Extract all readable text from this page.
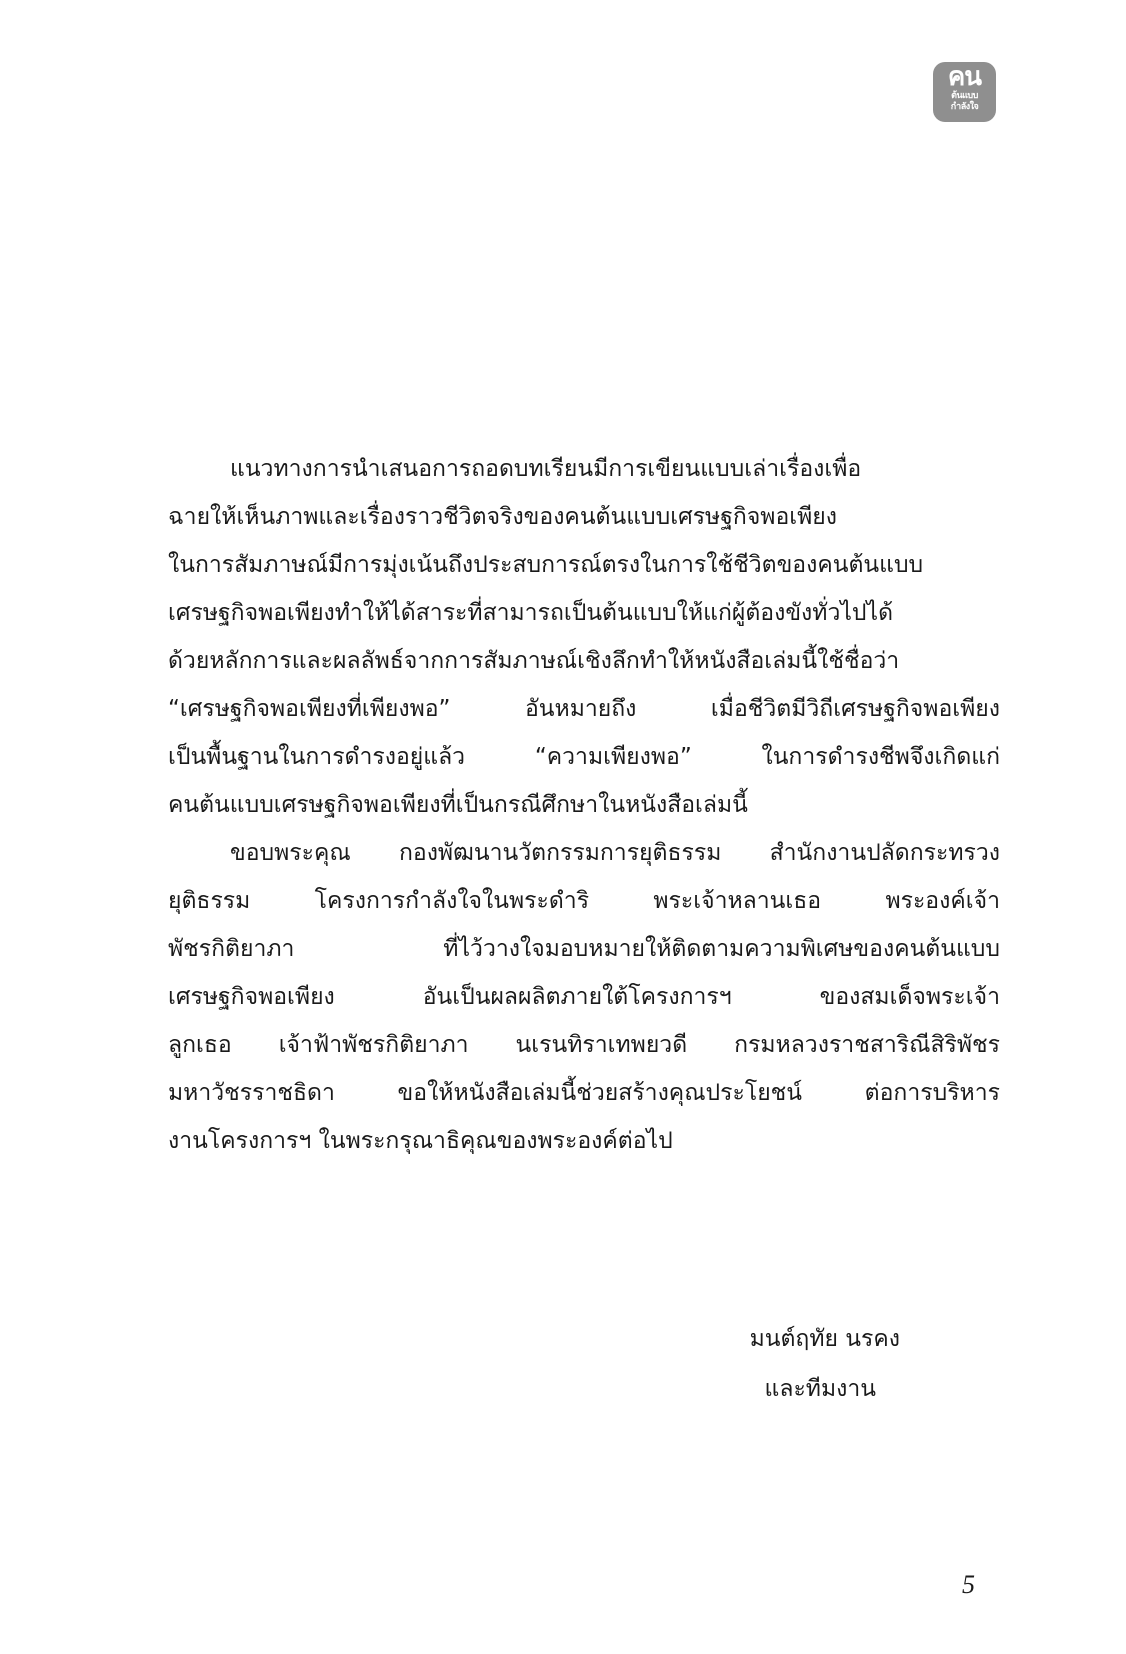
คน
ต้นแบบ
กำลังใจ
แนวทางการนำเสนอการถอดบทเรียนมีการเขียนแบบเล่าเรื่องเพื่อ
ฉายให้เห็นภาพและเรื่องราวชีวิตจริงของคนต้นแบบเศรษฐกิจพอเพียง
ในการสัมภาษณ์มีการมุ่งเน้นถึงประสบการณ์ตรงในการใช้ชีวิตของคนต้นแบบ
เศรษฐกิจพอเพียงทำให้ได้สาระที่สามารถเป็นต้นแบบให้แก่ผู้ต้องขังทั่วไปได้
ด้วยหลักการและผลลัพธ์จากการสัมภาษณ์เชิงลึกทำให้หนังสือเล่มนี้ใช้ชื่อว่า
“เศรษฐกิจพอเพียงที่เพียงพอ” อันหมายถึง เมื่อชีวิตมีวิถีเศรษฐกิจพอเพียง
เป็นพื้นฐานในการดำรงอยู่แล้ว “ความเพียงพอ” ในการดำรงชีพจึงเกิดแก่
คนต้นแบบเศรษฐกิจพอเพียงที่เป็นกรณีศึกษาในหนังสือเล่มนี้
ขอบพระคุณ กองพัฒนานวัตกรรมการยุติธรรม สำนักงานปลัดกระทรวง
ยุติธรรม โครงการกำลังใจในพระดำริ พระเจ้าหลานเธอ พระองค์เจ้า
พัชรกิติยาภา ที่ไว้วางใจมอบหมายให้ติดตามความพิเศษของคนต้นแบบ
เศรษฐกิจพอเพียง อันเป็นผลผลิตภายใต้โครงการฯ ของสมเด็จพระเจ้า
ลูกเธอ เจ้าฟ้าพัชรกิติยาภา นเรนทิราเทพยวดี กรมหลวงราชสาริณีสิริพัชร
มหาวัชรราชธิดา ขอให้หนังสือเล่มนี้ช่วยสร้างคุณประโยชน์ ต่อการบริหาร
งานโครงการฯ ในพระกรุณาธิคุณของพระองค์ต่อไป
มนต์ฤทัย นรคง
และทีมงาน
5
